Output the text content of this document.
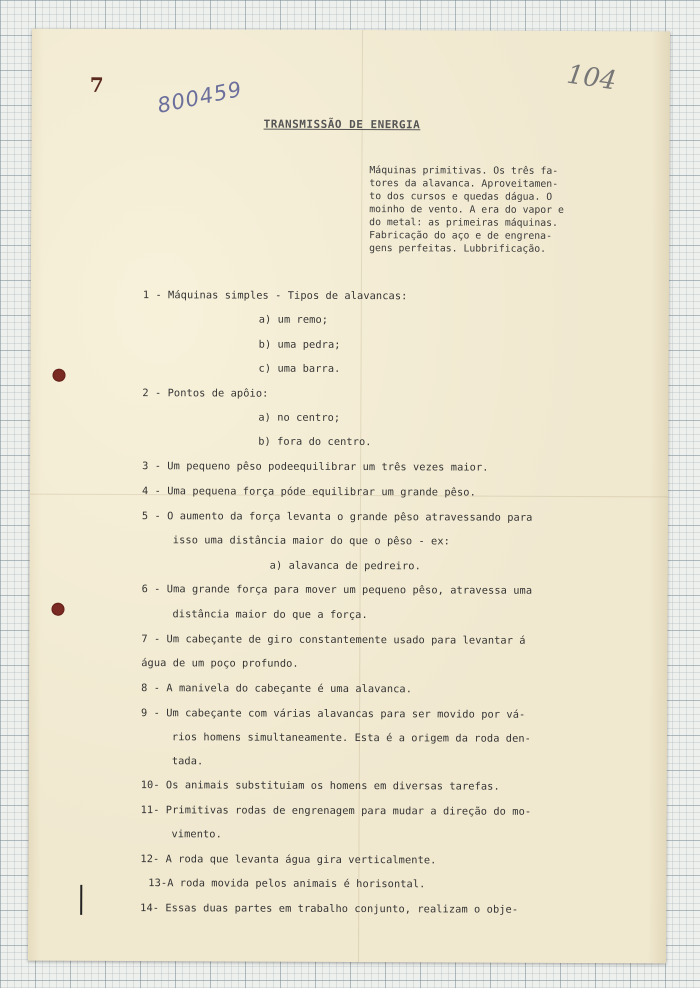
7 800459	104
TRANSMISSÃO DE ENERGIA
Máquinas primitivas. Os três fa-
tores da alavanca. Aproveitamen-
to dos cursos e quedas dágua. O
moinho de vento. A era do vapor e
do metal: as primeiras máquinas.
Fabricação do aço e de engrena-
gens perfeitas. Lubbrificação.
1 - Máquinas simples - Tipos de alavancas:
a) um remo;
b) uma pedra;
c) uma barra.
2 - Pontos de apôio:
a) no centro;
b) fora do centro.
3 - Um pequeno pêso podeequilibrar um três vezes maior.
4 - Uma pequena força póde equilibrar um grande pêso.
5 - O aumento da força levanta o grande pêso atravessando para
isso uma distância maior do que o pêso - ex:
a) alavanca de pedreiro.
6 - Uma grande força para mover um pequeno pêso, atravessa uma
distância maior do que a força.
7 - Um cabeçante de giro constantemente usado para levantar á
água de um poço profundo.
8 - A manivela do cabeçante é uma alavanca.
9 - Um cabeçante com várias alavancas para ser movido por vá-
rios homens simultaneamente. Esta é a origem da roda den-
tada.
10- Os animais substituiam os homens em diversas tarefas.
11- Primitivas rodas de engrenagem para mudar a direção do mo-
vimento.
12- A roda que levanta água gira verticalmente.
13-A roda movida pelos animais é horisontal.
14- Essas duas partes em trabalho conjunto, realizam o obje-
